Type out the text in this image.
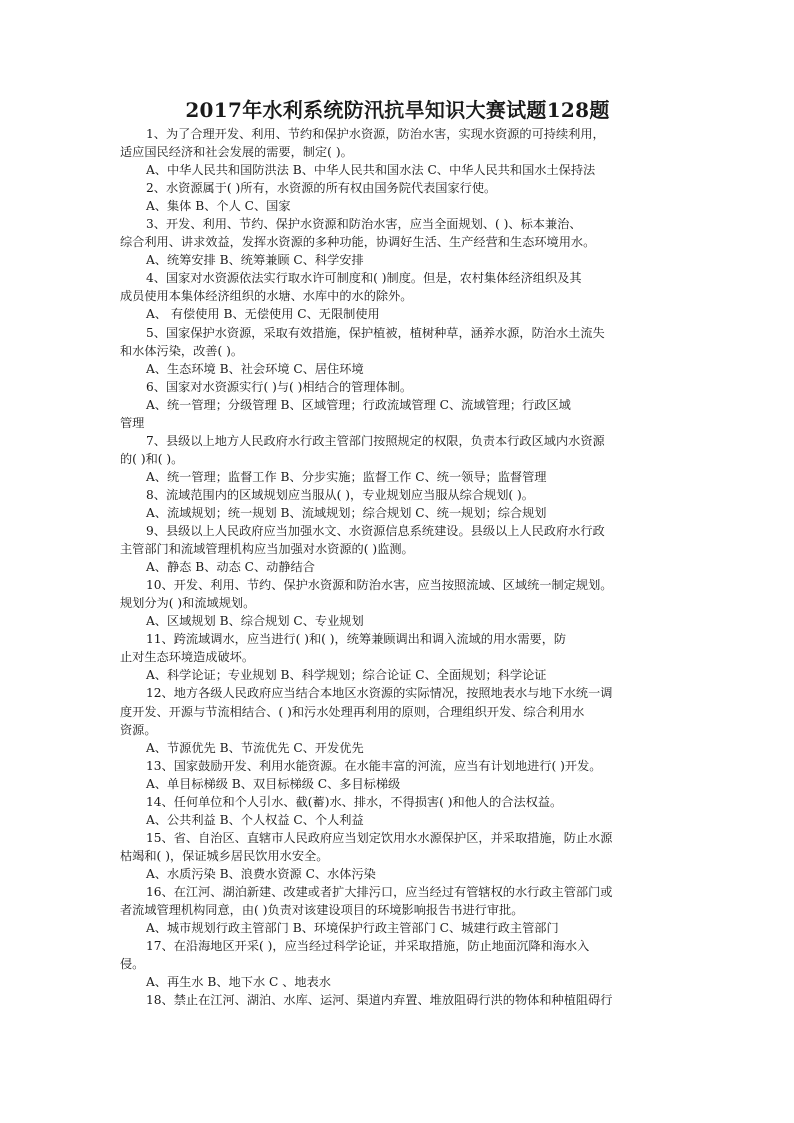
2017年水利系统防汛抗旱知识大赛试题128题
1、为了合理开发、利用、节约和保护水资源，防治水害，实现水资源的可持续利用，
适应国民经济和社会发展的需要，制定( )。
A、中华人民共和国防洪法 B、中华人民共和国水法 C、中华人民共和国水土保持法
2、水资源属于( )所有，水资源的所有权由国务院代表国家行使。
A、集体 B、个人 C、国家
3、开发、利用、节约、保护水资源和防治水害，应当全面规划、( )、标本兼治、
综合利用、讲求效益，发挥水资源的多种功能，协调好生活、生产经营和生态环境用水。
A、统筹安排 B、统筹兼顾 C、科学安排
4、国家对水资源依法实行取水许可制度和( )制度。但是，农村集体经济组织及其
成员使用本集体经济组织的水塘、水库中的水的除外。
A、 有偿使用 B、无偿使用 C、无限制使用
5、国家保护水资源，采取有效措施，保护植被，植树种草，涵养水源，防治水土流失
和水体污染，改善( )。
A、生态环境 B、社会环境 C、居住环境
6、国家对水资源实行( )与( )相结合的管理体制。
A、统一管理；分级管理 B、区域管理；行政流域管理 C、流域管理；行政区域
管理
7、县级以上地方人民政府水行政主管部门按照规定的权限，负责本行政区域内水资源
的( )和( )。
A、统一管理；监督工作 B、分步实施；监督工作 C、统一领导；监督管理
8、流域范围内的区域规划应当服从( )，专业规划应当服从综合规划( )。
A、流域规划；统一规划 B、流域规划；综合规划 C、统一规划；综合规划
9、县级以上人民政府应当加强水文、水资源信息系统建设。县级以上人民政府水行政
主管部门和流域管理机构应当加强对水资源的( )监测。
A、静态 B、动态 C、动静结合
10、开发、利用、节约、保护水资源和防治水害，应当按照流域、区域统一制定规划。
规划分为( )和流域规划。
A、区域规划 B、综合规划 C、专业规划
11、跨流域调水，应当进行( )和( )，统筹兼顾调出和调入流域的用水需要，防
止对生态环境造成破坏。
A、科学论证；专业规划 B、科学规划；综合论证 C、全面规划；科学论证
12、地方各级人民政府应当结合本地区水资源的实际情况，按照地表水与地下水统一调
度开发、开源与节流相结合、( )和污水处理再利用的原则，合理组织开发、综合利用水
资源。
A、节源优先 B、节流优先 C、开发优先
13、国家鼓励开发、利用水能资源。在水能丰富的河流，应当有计划地进行( )开发。
A、单目标梯级 B、双目标梯级 C、多目标梯级
14、任何单位和个人引水、截(蓄)水、排水，不得损害( )和他人的合法权益。
A、公共利益 B、个人权益 C、个人利益
15、省、自治区、直辖市人民政府应当划定饮用水水源保护区，并采取措施，防止水源
枯竭和( )，保证城乡居民饮用水安全。
A、水质污染 B、浪费水资源 C、水体污染
16、在江河、湖泊新建、改建或者扩大排污口，应当经过有管辖权的水行政主管部门或
者流域管理机构同意，由( )负责对该建设项目的环境影响报告书进行审批。
A、城市规划行政主管部门 B、环境保护行政主管部门 C、城建行政主管部门
17、在沿海地区开采( )，应当经过科学论证，并采取措施，防止地面沉降和海水入
侵。
A、再生水 B、地下水 C 、地表水
18、禁止在江河、湖泊、水库、运河、渠道内弃置、堆放阻碍行洪的物体和种植阻碍行
